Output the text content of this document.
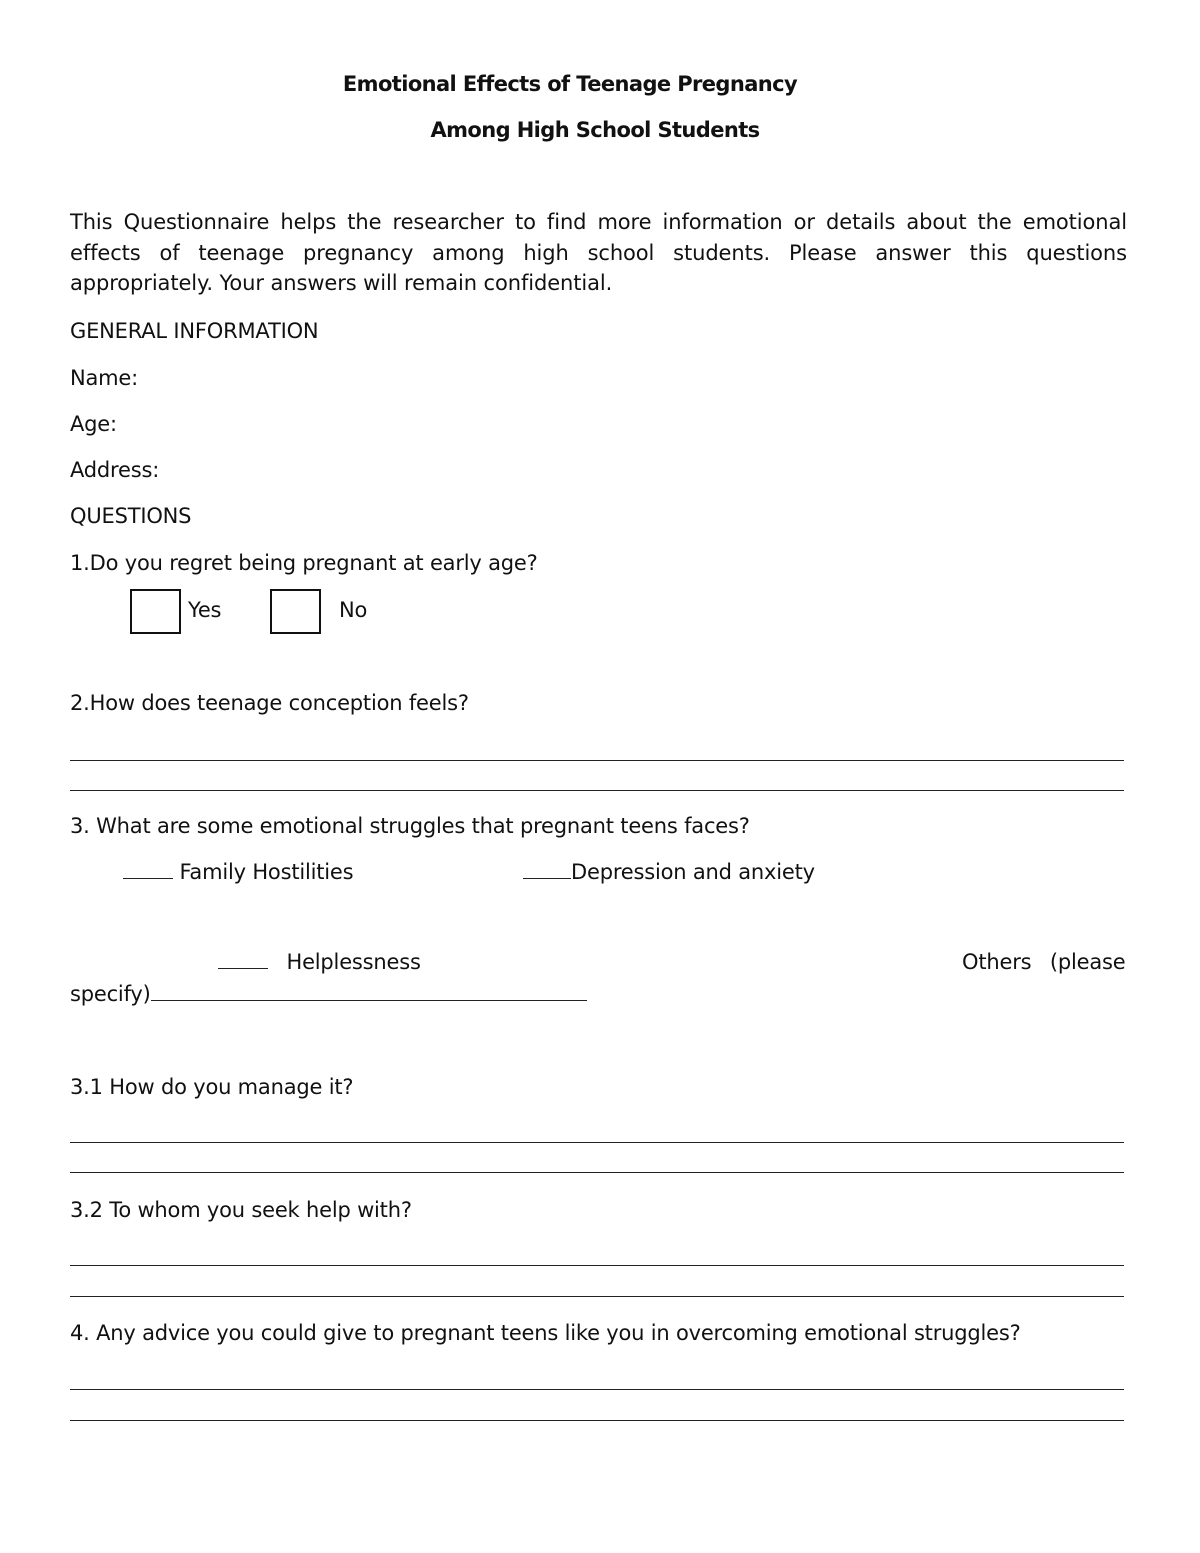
Emotional Effects of Teenage Pregnancy
Among High School Students
This Questionnaire helps the researcher to find more information or details about the emotional effects of teenage pregnancy among high school students. Please answer this questions appropriately. Your answers will remain confidential.
GENERAL INFORMATION
Name:
Age:
Address:
QUESTIONS
1.Do you regret being pregnant at early age?
Yes	No
2.How does teenage conception feels?
3. What are some emotional struggles that pregnant teens faces?
Family Hostilities	Depression and anxiety
Helplessness	Others (please
specify)
3.1 How do you manage it?
3.2 To whom you seek help with?
4. Any advice you could give to pregnant teens like you in overcoming emotional struggles?
